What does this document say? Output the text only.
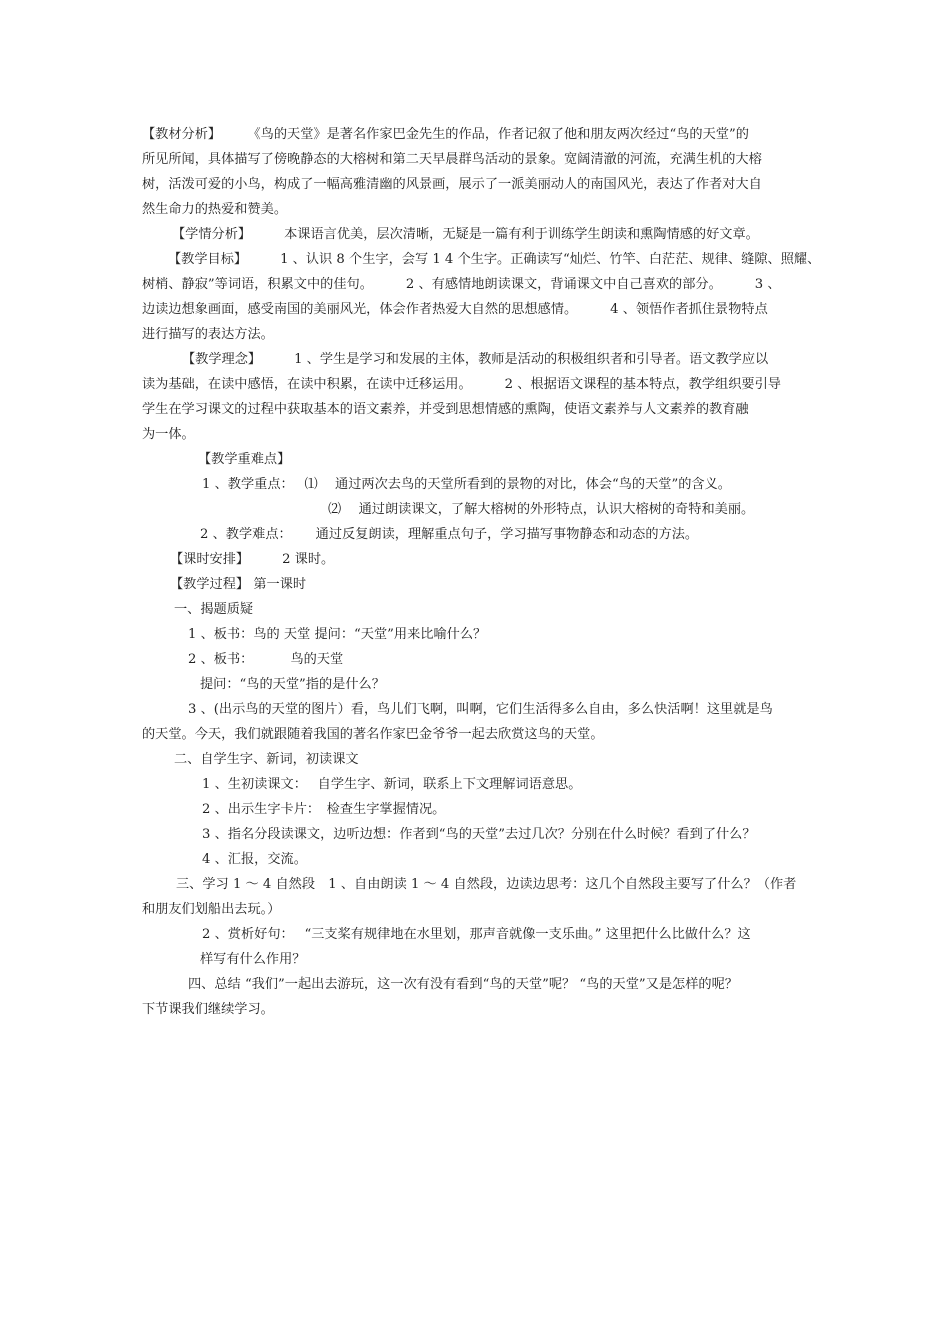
【教材分析】　　　《鸟的天堂》是著名作家巴金先生的作品，作者记叙了他和朋友两次经过“鸟的天堂”的
所见所闻，具体描写了傍晚静态的大榕树和第二天早晨群鸟活动的景象。宽阔清澈的河流，充满生机的大榕
树，活泼可爱的小鸟，构成了一幅高雅清幽的风景画，展示了一派美丽动人的南国风光，表达了作者对大自
然生命力的热爱和赞美。
【学情分析】　　　本课语言优美，层次清晰，无疑是一篇有利于训练学生朗读和熏陶情感的好文章。
【教学目标】　　　1 、认识 8 个生字，会写 1 4 个生字。正确读写“灿烂、竹竿、白茫茫、规律、缝隙、照耀、
树梢、静寂”等词语，积累文中的佳句。　　　2 、有感情地朗读课文，背诵课文中自己喜欢的部分。　　　3 、
边读边想象画面，感受南国的美丽风光，体会作者热爱大自然的思想感情。　　　4 、领悟作者抓住景物特点
进行描写的表达方法。
【教学理念】　　　1 、学生是学习和发展的主体，教师是活动的积极组织者和引导者。语文教学应以
读为基础，在读中感悟，在读中积累，在读中迁移运用。　　　2 、根据语文课程的基本特点，教学组织要引导
学生在学习课文的过程中获取基本的语文素养，并受到思想情感的熏陶，使语文素养与人文素养的教育融
为一体。
【教学重难点】
1 、教学重点：　 ⑴　 通过两次去鸟的天堂所看到的景物的对比，体会“鸟的天堂”的含义。
⑵　 通过朗读课文，了解大榕树的外形特点，认识大榕树的奇特和美丽。
2 、教学难点：　　 通过反复朗读，理解重点句子，学习描写事物静态和动态的方法。
【课时安排】　　　2 课时。
【教学过程】 第一课时
一、揭题质疑
1 、板书：鸟的 天堂 提问：“天堂”用来比喻什么？
2 、板书：　　　 鸟的天堂
提问：“鸟的天堂”指的是什么？
3 、(出示鸟的天堂的图片）看，鸟儿们飞啊，叫啊，它们生活得多么自由，多么快活啊！这里就是鸟
的天堂。今天，我们就跟随着我国的著名作家巴金爷爷一起去欣赏这鸟的天堂。
二、自学生字、新词，初读课文
1 、生初读课文：　 自学生字、新词，联系上下文理解词语意思。
2 、出示生字卡片：　检查生字掌握情况。
3 、指名分段读课文，边听边想：作者到“鸟的天堂”去过几次？分别在什么时候？看到了什么？
4 、汇报，交流。
三、学习 1 ～ 4 自然段　1 、自由朗读 1 ～ 4 自然段，边读边思考：这几个自然段主要写了什么？（作者
和朋友们划船出去玩。）
2 、赏析好句：　 “三支桨有规律地在水里划，那声音就像一支乐曲。” 这里把什么比做什么？这
样写有什么作用？
四、总结 “我们”一起出去游玩，这一次有没有看到“鸟的天堂”呢？ “鸟的天堂”又是怎样的呢？
下节课我们继续学习。
